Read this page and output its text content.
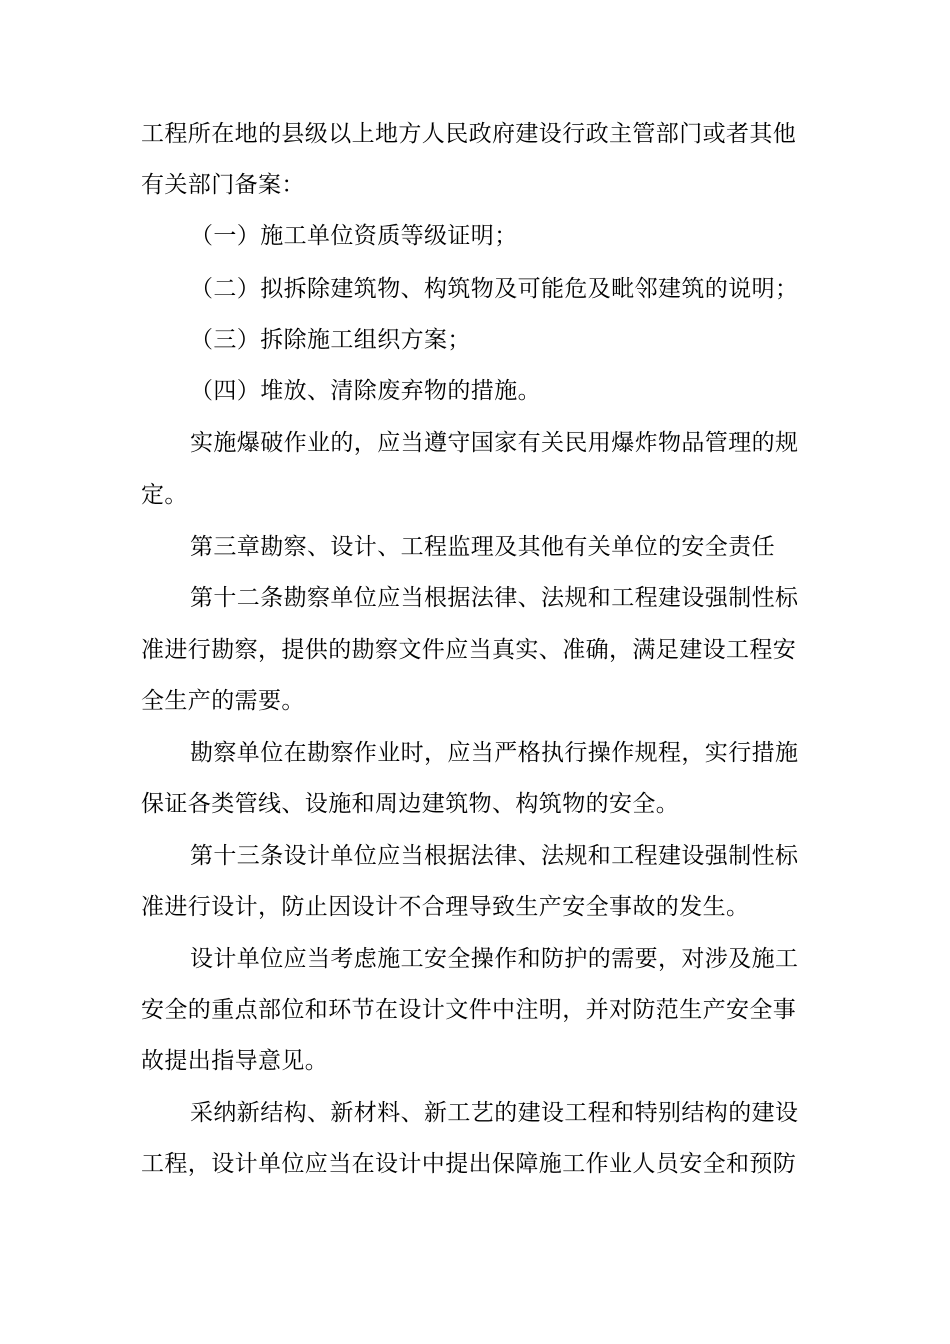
工程所在地的县级以上地方人民政府建设行政主管部门或者其他
有关部门备案：
（一）施工单位资质等级证明；
（二）拟拆除建筑物、构筑物及可能危及毗邻建筑的说明；
（三）拆除施工组织方案；
（四）堆放、清除废弃物的措施。
实施爆破作业的，应当遵守国家有关民用爆炸物品管理的规
定。
第三章勘察、设计、工程监理及其他有关单位的安全责任
第十二条勘察单位应当根据法律、法规和工程建设强制性标
准进行勘察，提供的勘察文件应当真实、准确，满足建设工程安
全生产的需要。
勘察单位在勘察作业时，应当严格执行操作规程，实行措施
保证各类管线、设施和周边建筑物、构筑物的安全。
第十三条设计单位应当根据法律、法规和工程建设强制性标
准进行设计，防止因设计不合理导致生产安全事故的发生。
设计单位应当考虑施工安全操作和防护的需要，对涉及施工
安全的重点部位和环节在设计文件中注明，并对防范生产安全事
故提出指导意见。
采纳新结构、新材料、新工艺的建设工程和特别结构的建设
工程，设计单位应当在设计中提出保障施工作业人员安全和预防
